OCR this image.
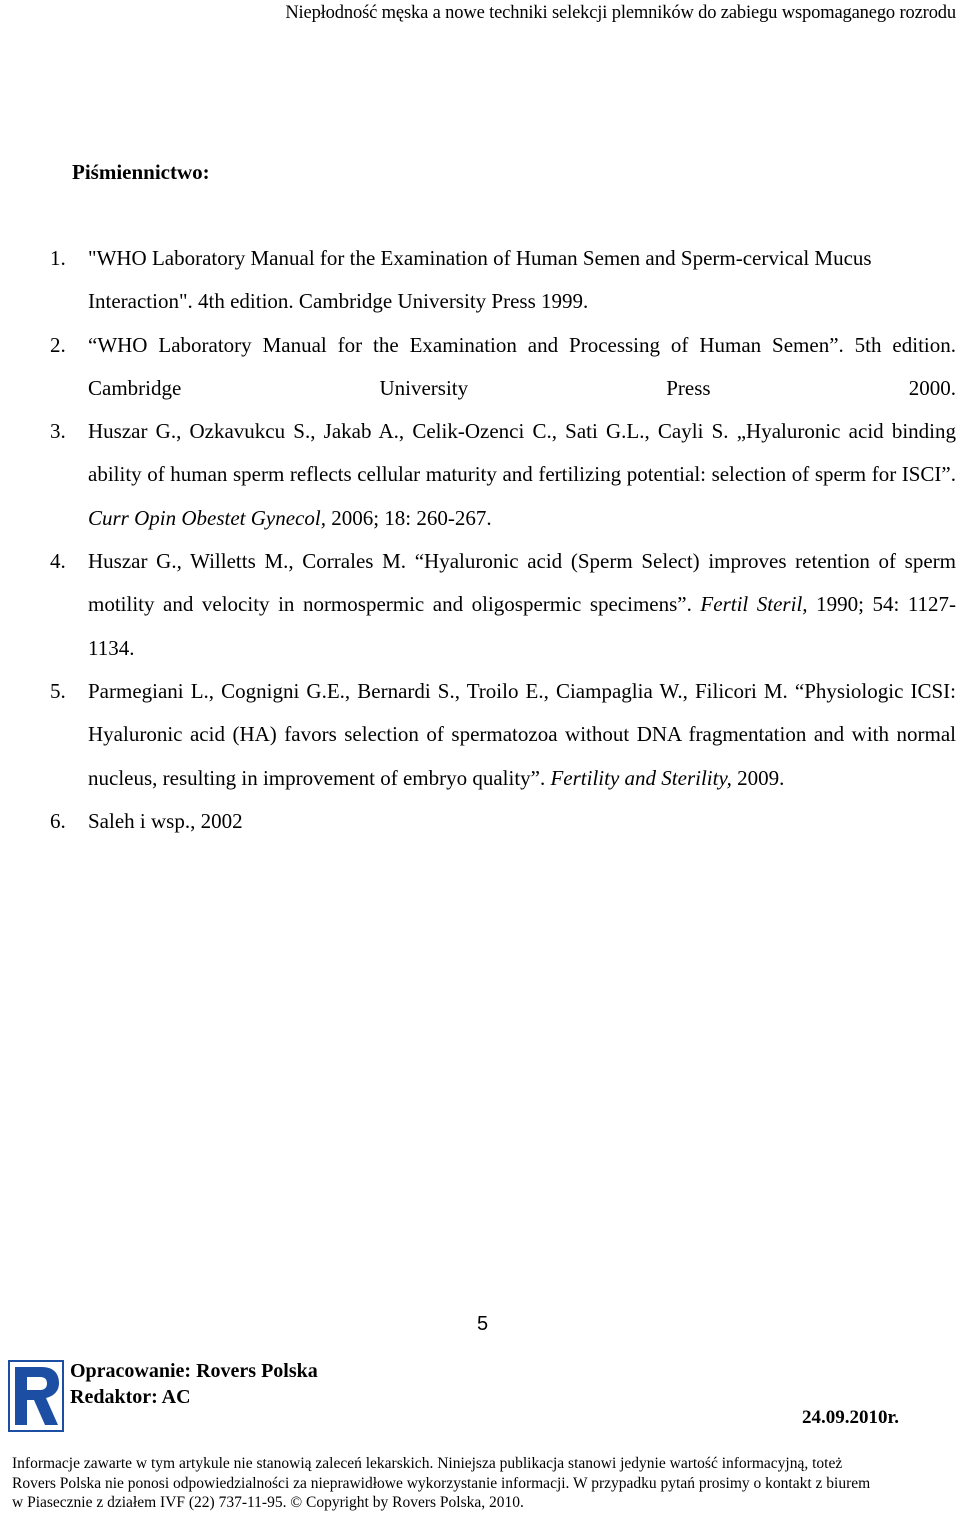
Niepłodność męska a nowe techniki selekcji plemników do zabiegu wspomaganego rozrodu
Piśmiennictwo:
1. "WHO Laboratory Manual for the Examination of Human Semen and Sperm-cervical Mucus Interaction". 4th edition. Cambridge University Press 1999.
2. “WHO Laboratory Manual for the Examination and Processing of Human Semen”. 5th edition. Cambridge University Press 2000.
3. Huszar G., Ozkavukcu S., Jakab A., Celik-Ozenci C., Sati G.L., Cayli S. „Hyaluronic acid binding ability of human sperm reflects cellular maturity and fertilizing potential: selection of sperm for ISCI”. Curr Opin Obestet Gynecol, 2006; 18: 260-267.
4. Huszar G., Willetts M., Corrales M. “Hyaluronic acid (Sperm Select) improves retention of sperm motility and velocity in normospermic and oligospermic specimens”. Fertil Steril, 1990; 54: 1127-1134.
5. Parmegiani L., Cognigni G.E., Bernardi S., Troilo E., Ciampaglia W., Filicori M. “Physiologic ICSI: Hyaluronic acid (HA) favors selection of spermatozoa without DNA fragmentation and with normal nucleus, resulting in improvement of embryo quality”. Fertility and Sterility, 2009.
6. Saleh i wsp., 2002
5
Opracowanie: Rovers Polska
Redaktor: AC
24.09.2010r.
Informacje zawarte w tym artykule nie stanowią zaleceń lekarskich. Niniejsza publikacja stanowi jedynie wartość informacyjną, toteż
Rovers Polska nie ponosi odpowiedzialności za nieprawidłowe wykorzystanie informacji. W przypadku pytań prosimy o kontakt z biurem
w Piasecznie z działem IVF (22) 737-11-95. © Copyright by Rovers Polska, 2010.
